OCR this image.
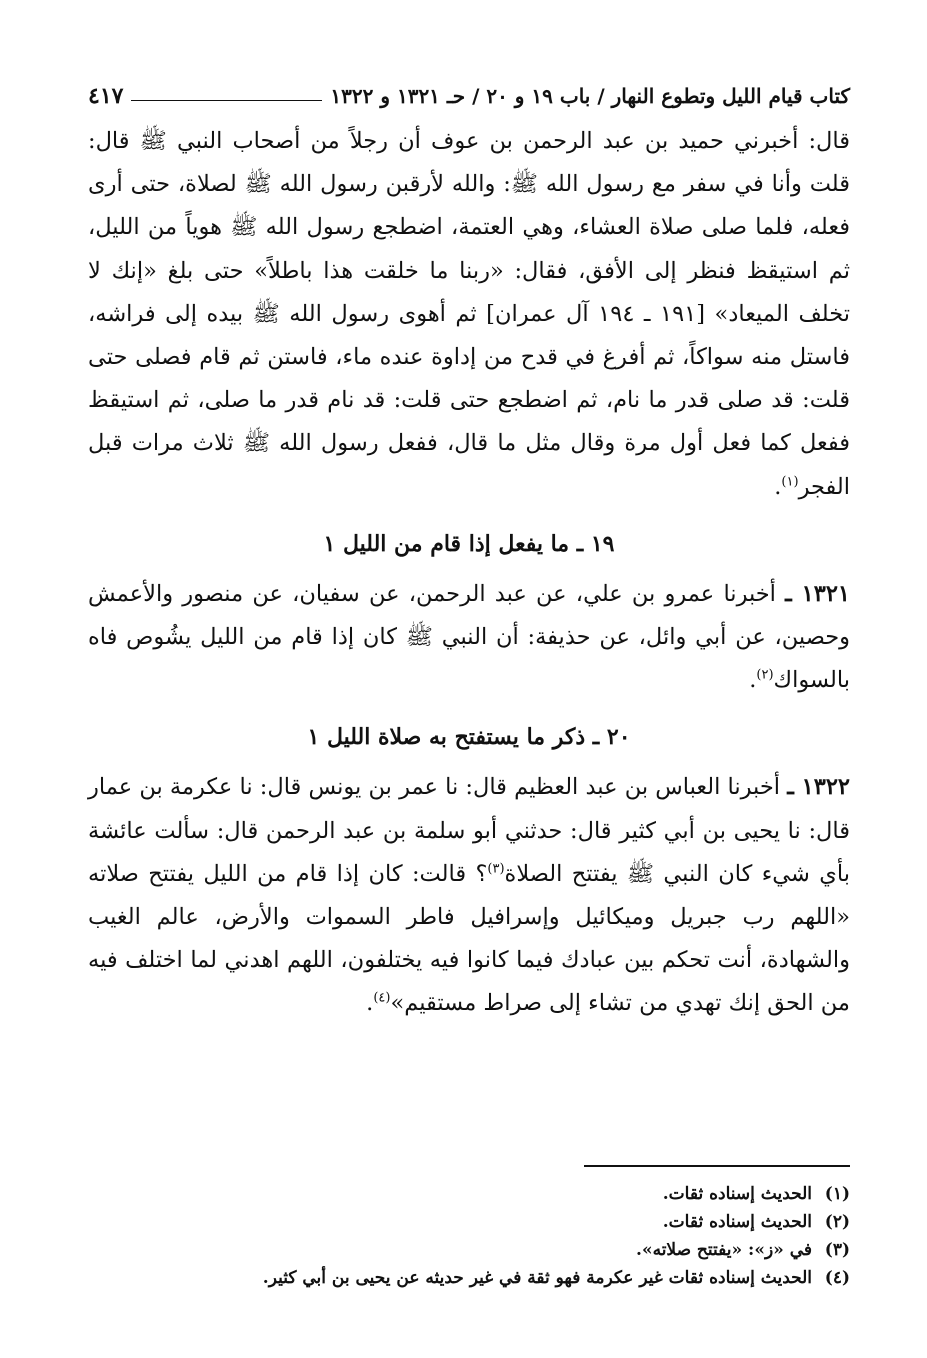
كتاب قيام الليل وتطوع النهار / باب ١٩ و ٢٠ / حـ ١٣٢١ و ١٣٢٢
٤١٧

قال: أخبرني حميد بن عبد الرحمن بن عوف أن رجلاً من أصحاب النبي ﷺ قال: قلت وأنا في سفر مع رسول الله ﷺ: والله لأرقبن رسول الله ﷺ لصلاة، حتى أرى فعله، فلما صلى صلاة العشاء، وهي العتمة، اضطجع رسول الله ﷺ هوياً من الليل، ثم استيقظ فنظر إلى الأفق، فقال: «ربنا ما خلقت هذا باطلاً» حتى بلغ «إنك لا تخلف الميعاد» [١٩١ ـ ١٩٤ آل عمران] ثم أهوى رسول الله ﷺ بيده إلى فراشه، فاستل منه سواكاً، ثم أفرغ في قدح من إداوة عنده ماء، فاستن ثم قام فصلى حتى قلت: قد صلى قدر ما نام، ثم اضطجع حتى قلت: قد نام قدر ما صلى، ثم استيقظ ففعل كما فعل أول مرة وقال مثل ما قال، ففعل رسول الله ﷺ ثلاث مرات قبل الفجر$^{(١)}$.

١٩ ـ ما يفعل إذا قام من الليل ١

١٣٢١ ـ أخبرنا عمرو بن علي، عن عبد الرحمن، عن سفيان، عن منصور والأعمش وحصين، عن أبي وائل، عن حذيفة: أن النبي ﷺ كان إذا قام من الليل يشُوص فاه بالسواك$^{(٢)}$.

٢٠ ـ ذكر ما يستفتح به صلاة الليل ١

١٣٢٢ ـ أخبرنا العباس بن عبد العظيم قال: نا عمر بن يونس قال: نا عكرمة بن عمار قال: نا يحيى بن أبي كثير قال: حدثني أبو سلمة بن عبد الرحمن قال: سألت عائشة بأي شيء كان النبي ﷺ يفتتح الصلاة$^{(٣)}$؟ قالت: كان إذا قام من الليل يفتتح صلاته «اللهم رب جبريل وميكائيل وإسرافيل فاطر السموات والأرض، عالم الغيب والشهادة، أنت تحكم بين عبادك فيما كانوا فيه يختلفون، اللهم اهدني لما اختلف فيه من الحق إنك تهدي من تشاء إلى صراط مستقيم»$^{(٤)}$.

(١)الحديث إسناده ثقات.
(٢)الحديث إسناده ثقات.
(٣)في «ز»: «يفتتح صلاته».
(٤)الحديث إسناده ثقات غير عكرمة فهو ثقة في غير حديثه عن يحيى بن أبي كثير.
